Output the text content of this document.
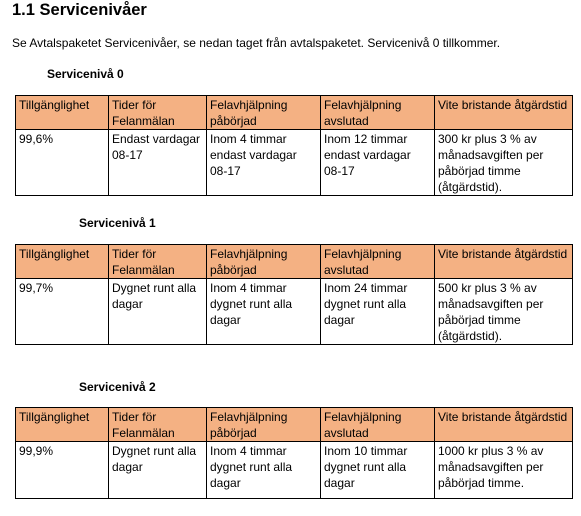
1.1 Servicenivåer

Se Avtalspaketet Servicenivåer, se nedan taget från avtalspaketet. Servicenivå 0 tillkommer.

Servicenivå 0

Tillgänglighet	Tider för Felanmälan	Felavhjälpning påbörjad	Felavhjälpning avslutad	Vite bristande åtgärdstid
99,6%	Endast vardagar 08-17	Inom 4 timmar endast vardagar 08-17	Inom 12 timmar endast vardagar 08-17	300 kr plus 3 % av månadsavgiften per påbörjad timme (åtgärdstid).

Servicenivå 1

Tillgänglighet	Tider för Felanmälan	Felavhjälpning påbörjad	Felavhjälpning avslutad	Vite bristande åtgärdstid
99,7%	Dygnet runt alla dagar	Inom 4 timmar dygnet runt alla dagar	Inom 24 timmar dygnet runt alla dagar	500 kr plus 3 % av månadsavgiften per påbörjad timme (åtgärdstid).

Servicenivå 2

Tillgänglighet	Tider för Felanmälan	Felavhjälpning påbörjad	Felavhjälpning avslutad	Vite bristande åtgärdstid
99,9%	Dygnet runt alla dagar	Inom 4 timmar dygnet runt alla dagar	Inom 10 timmar dygnet runt alla dagar	1000 kr plus 3 % av månadsavgiften per påbörjad timme.
